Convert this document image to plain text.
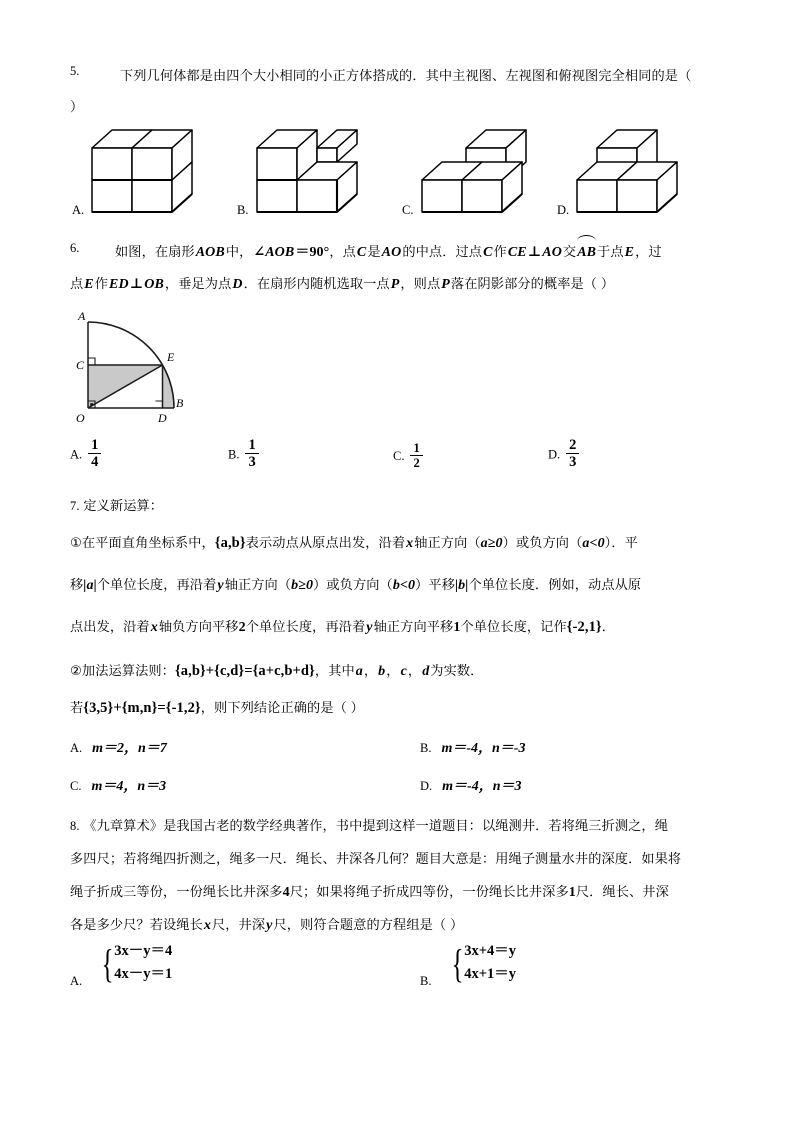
5.	下列几何体都是由四个大小相同的小正方体搭成的．其中主视图、左视图和俯视图完全相同的是（
）
A.	B.	C.	D.
6.	如图，在扇形AOB中，∠AOB＝90°，点C是AO的中点．过点C作CE⊥AO交AB于点E，过
点E作ED⊥OB，垂足为点D．在扇形内随机选取一点P，则点P落在阴影部分的概率是（ ）
A
C
E
O	D
B
A. $\frac{1}{4}$	B. $\frac{1}{3}$	C. $\frac{1}{2}$	D. $\frac{2}{3}$
7. 定义新运算：
①在平面直角坐标系中，{a,b}表示动点从原点出发，沿着x轴正方向（a≥0）或负方向（a<0）．平
移|a|个单位长度，再沿着y轴正方向（b≥0）或负方向（b<0）平移|b|个单位长度．例如，动点从原
点出发，沿着x轴负方向平移2个单位长度，再沿着y轴正方向平移1个单位长度，记作{-2,1}．
②加法运算法则：{a,b}+{c,d}={a+c,b+d}，其中a，b，c，d为实数．
若{3,5}+{m,n}={-1,2}，则下列结论正确的是（ ）
A. m＝2，n＝7	B. m＝-4，n＝-3
C. m＝4，n＝3	D. m＝-4，n＝3
8. 《九章算术》是我国古老的数学经典著作，书中提到这样一道题目：以绳测井．若将绳三折测之，绳
多四尺；若将绳四折测之，绳多一尺．绳长、井深各几何？题目大意是：用绳子测量水井的深度．如果将
绳子折成三等份，一份绳长比井深多4尺；如果将绳子折成四等份，一份绳长比井深多1尺．绳长、井深
各是多少尺？若设绳长x尺，井深y尺，则符合题意的方程组是（ ）
A. { 3x－y＝4
4x－y＝1	B. { 3x+4＝y
4x+1＝y
